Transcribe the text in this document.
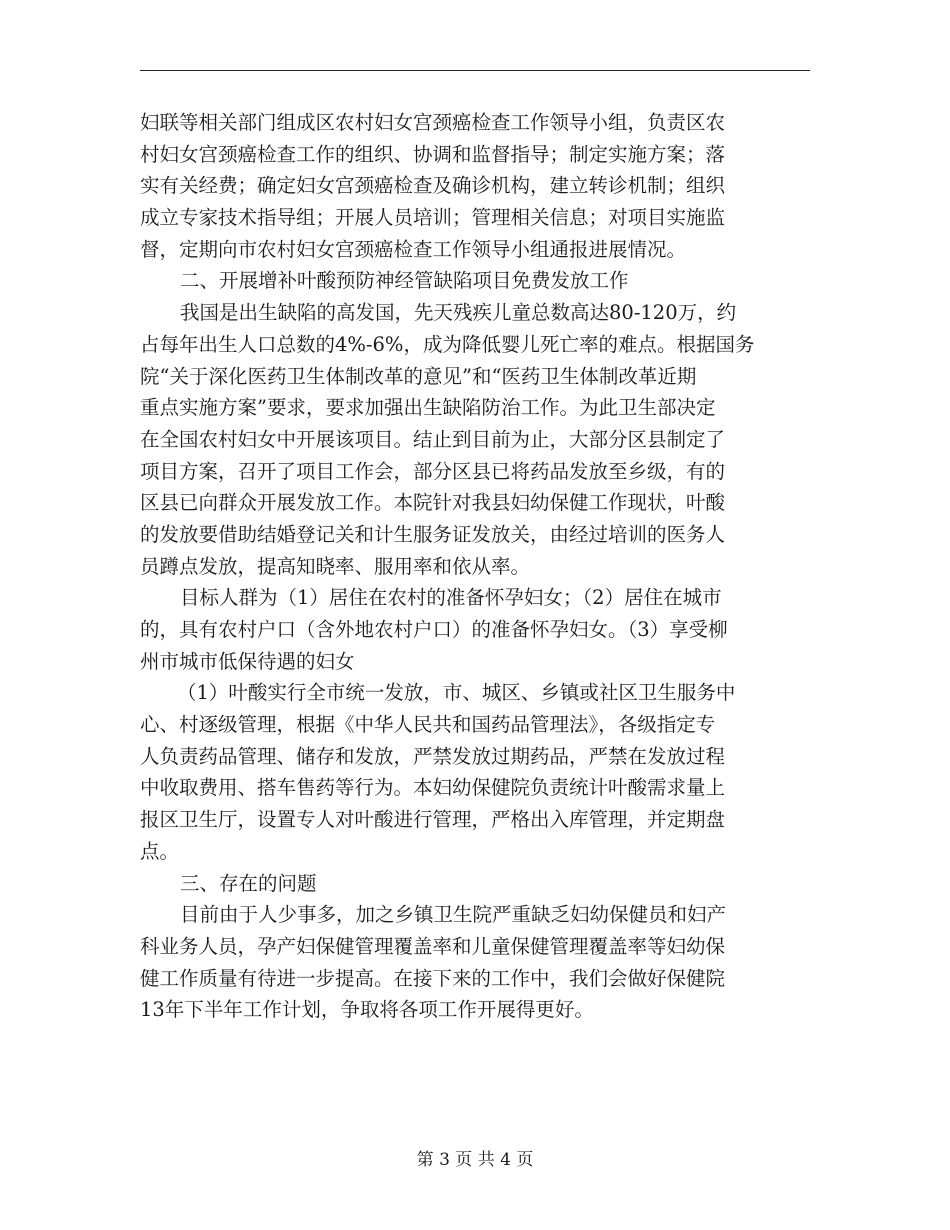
妇联等相关部门组成区农村妇女宫颈癌检查工作领导小组，负责区农
村妇女宫颈癌检查工作的组织、协调和监督指导；制定实施方案；落
实有关经费；确定妇女宫颈癌检查及确诊机构，建立转诊机制；组织
成立专家技术指导组；开展人员培训；管理相关信息；对项目实施监
督，定期向市农村妇女宫颈癌检查工作领导小组通报进展情况。
二、开展增补叶酸预防神经管缺陷项目免费发放工作
我国是出生缺陷的高发国，先天残疾儿童总数高达80-120万，约
占每年出生人口总数的4%-6%，成为降低婴儿死亡率的难点。根据国务
院“关于深化医药卫生体制改革的意见”和“医药卫生体制改革近期
重点实施方案”要求，要求加强出生缺陷防治工作。为此卫生部决定
在全国农村妇女中开展该项目。结止到目前为止，大部分区县制定了
项目方案，召开了项目工作会，部分区县已将药品发放至乡级，有的
区县已向群众开展发放工作。本院针对我县妇幼保健工作现状，叶酸
的发放要借助结婚登记关和计生服务证发放关，由经过培训的医务人
员蹲点发放，提高知晓率、服用率和依从率。
目标人群为（1）居住在农村的准备怀孕妇女；（2）居住在城市
的，具有农村户口（含外地农村户口）的准备怀孕妇女。（3）享受柳
州市城市低保待遇的妇女
（1）叶酸实行全市统一发放，市、城区、乡镇或社区卫生服务中
心、村逐级管理，根据《中华人民共和国药品管理法》，各级指定专
人负责药品管理、储存和发放，严禁发放过期药品，严禁在发放过程
中收取费用、搭车售药等行为。本妇幼保健院负责统计叶酸需求量上
报区卫生厅，设置专人对叶酸进行管理，严格出入库管理，并定期盘
点。
三、存在的问题
目前由于人少事多，加之乡镇卫生院严重缺乏妇幼保健员和妇产
科业务人员，孕产妇保健管理覆盖率和儿童保健管理覆盖率等妇幼保
健工作质量有待进一步提高。在接下来的工作中，我们会做好保健院
13年下半年工作计划，争取将各项工作开展得更好。
第 3 页 共 4 页
